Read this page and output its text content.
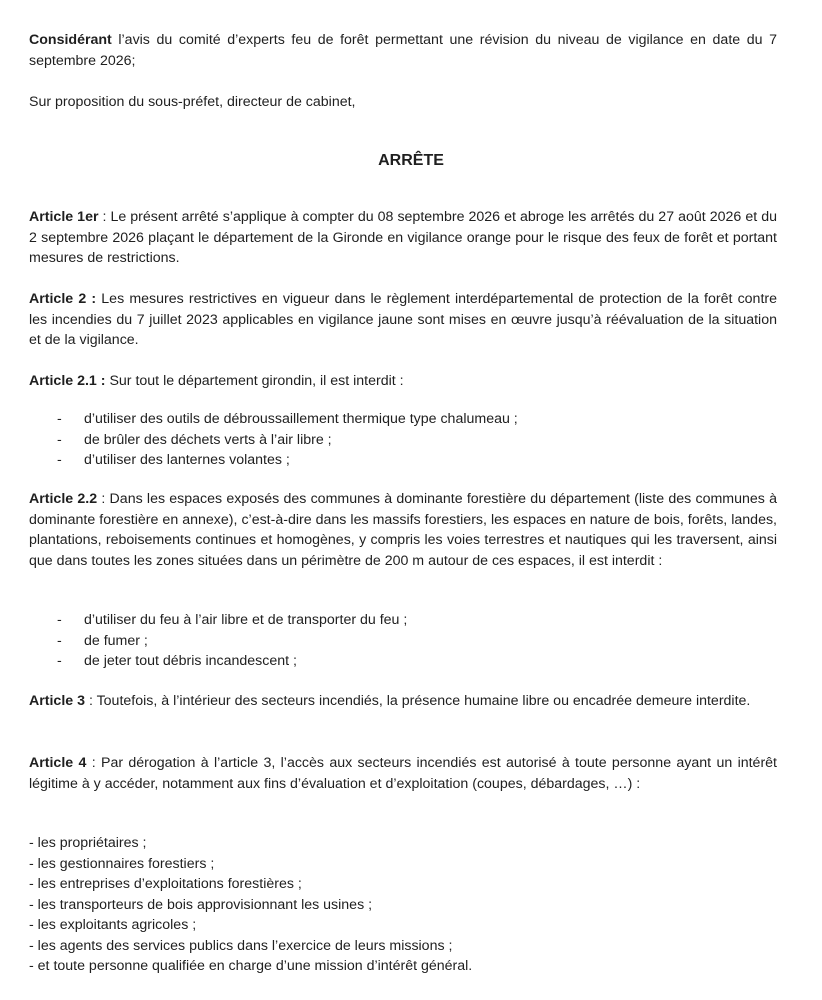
Considérant l’avis du comité d’experts feu de forêt permettant une révision du niveau de vigilance en date du 7 septembre 2026;

Sur proposition du sous-préfet, directeur de cabinet,

ARRÊTE

Article 1er : Le présent arrêté s’applique à compter du 08 septembre 2026 et abroge les arrêtés du 27 août 2026 et du 2 septembre 2026 plaçant le département de la Gironde en vigilance orange pour le risque des feux de forêt et portant mesures de restrictions.

Article 2 : Les mesures restrictives en vigueur dans le règlement interdépartemental de protection de la forêt contre les incendies du 7 juillet 2023 applicables en vigilance jaune sont mises en œuvre jusqu’à réévaluation de la situation et de la vigilance.

Article 2.1 : Sur tout le département girondin, il est interdit :

- d’utiliser des outils de débroussaillement thermique type chalumeau ;
- de brûler des déchets verts à l’air libre ;
- d’utiliser des lanternes volantes ;

Article 2.2 : Dans les espaces exposés des communes à dominante forestière du département (liste des communes à dominante forestière en annexe), c’est-à-dire dans les massifs forestiers, les espaces en nature de bois, forêts, landes, plantations, reboisements continues et homogènes, y compris les voies terrestres et nautiques qui les traversent, ainsi que dans toutes les zones situées dans un périmètre de 200 m autour de ces espaces, il est interdit :

- d’utiliser du feu à l’air libre et de transporter du feu ;
- de fumer ;
- de jeter tout débris incandescent ;

Article 3 : Toutefois, à l’intérieur des secteurs incendiés, la présence humaine libre ou encadrée demeure interdite.

Article 4 : Par dérogation à l’article 3, l’accès aux secteurs incendiés est autorisé à toute personne ayant un intérêt légitime à y accéder, notamment aux fins d’évaluation et d’exploitation (coupes, débardages, …) :

- les propriétaires ;
- les gestionnaires forestiers ;
- les entreprises d’exploitations forestières ;
- les transporteurs de bois approvisionnant les usines ;
- les exploitants agricoles ;
- les agents des services publics dans l’exercice de leurs missions ;
- et toute personne qualifiée en charge d’une mission d’intérêt général.
